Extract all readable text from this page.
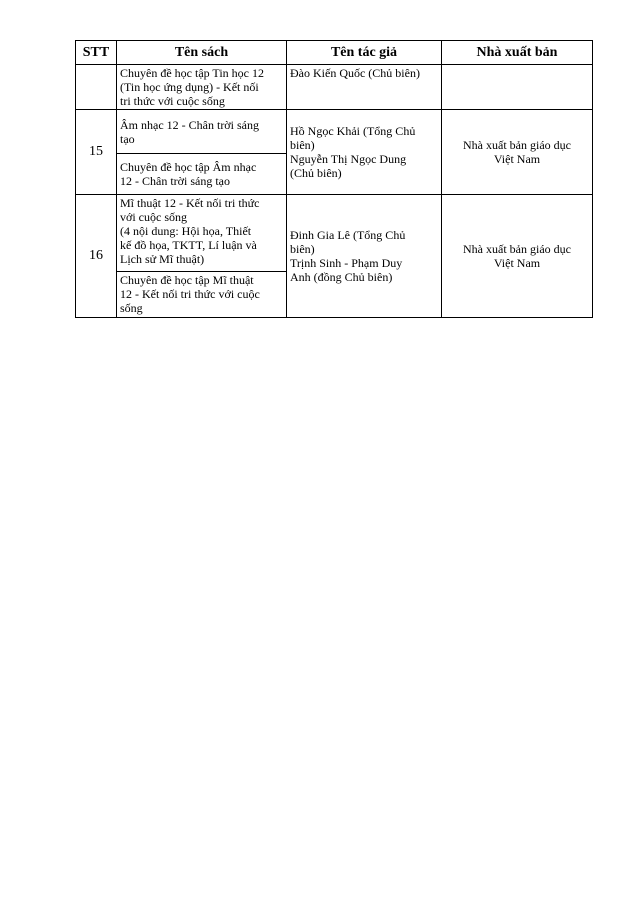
STT	Tên sách	Tên tác giả	Nhà xuất bản

	Chuyên đề học tập Tin học 12
(Tin học ứng dụng) - Kết nối
tri thức với cuộc sống	Đào Kiến Quốc (Chủ biên)	

15	Âm nhạc 12 - Chân trời sáng
tạo	Hồ Ngọc Khải (Tổng Chủ
biên)
Nguyễn Thị Ngọc Dung
(Chủ biên)	Nhà xuất bản giáo dục
Việt Nam

	Chuyên đề học tập Âm nhạc
12 - Chân trời sáng tạo		

16	Mĩ thuật 12 - Kết nối tri thức
với cuộc sống
(4 nội dung: Hội họa, Thiết
kế đồ họa, TKTT, Lí luận và
Lịch sử Mĩ thuật)	Đinh Gia Lê (Tổng Chủ
biên)
Trịnh Sinh - Phạm Duy
Anh (đồng Chủ biên)	Nhà xuất bản giáo dục
Việt Nam

	Chuyên đề học tập Mĩ thuật
12 - Kết nối tri thức với cuộc
sống		
